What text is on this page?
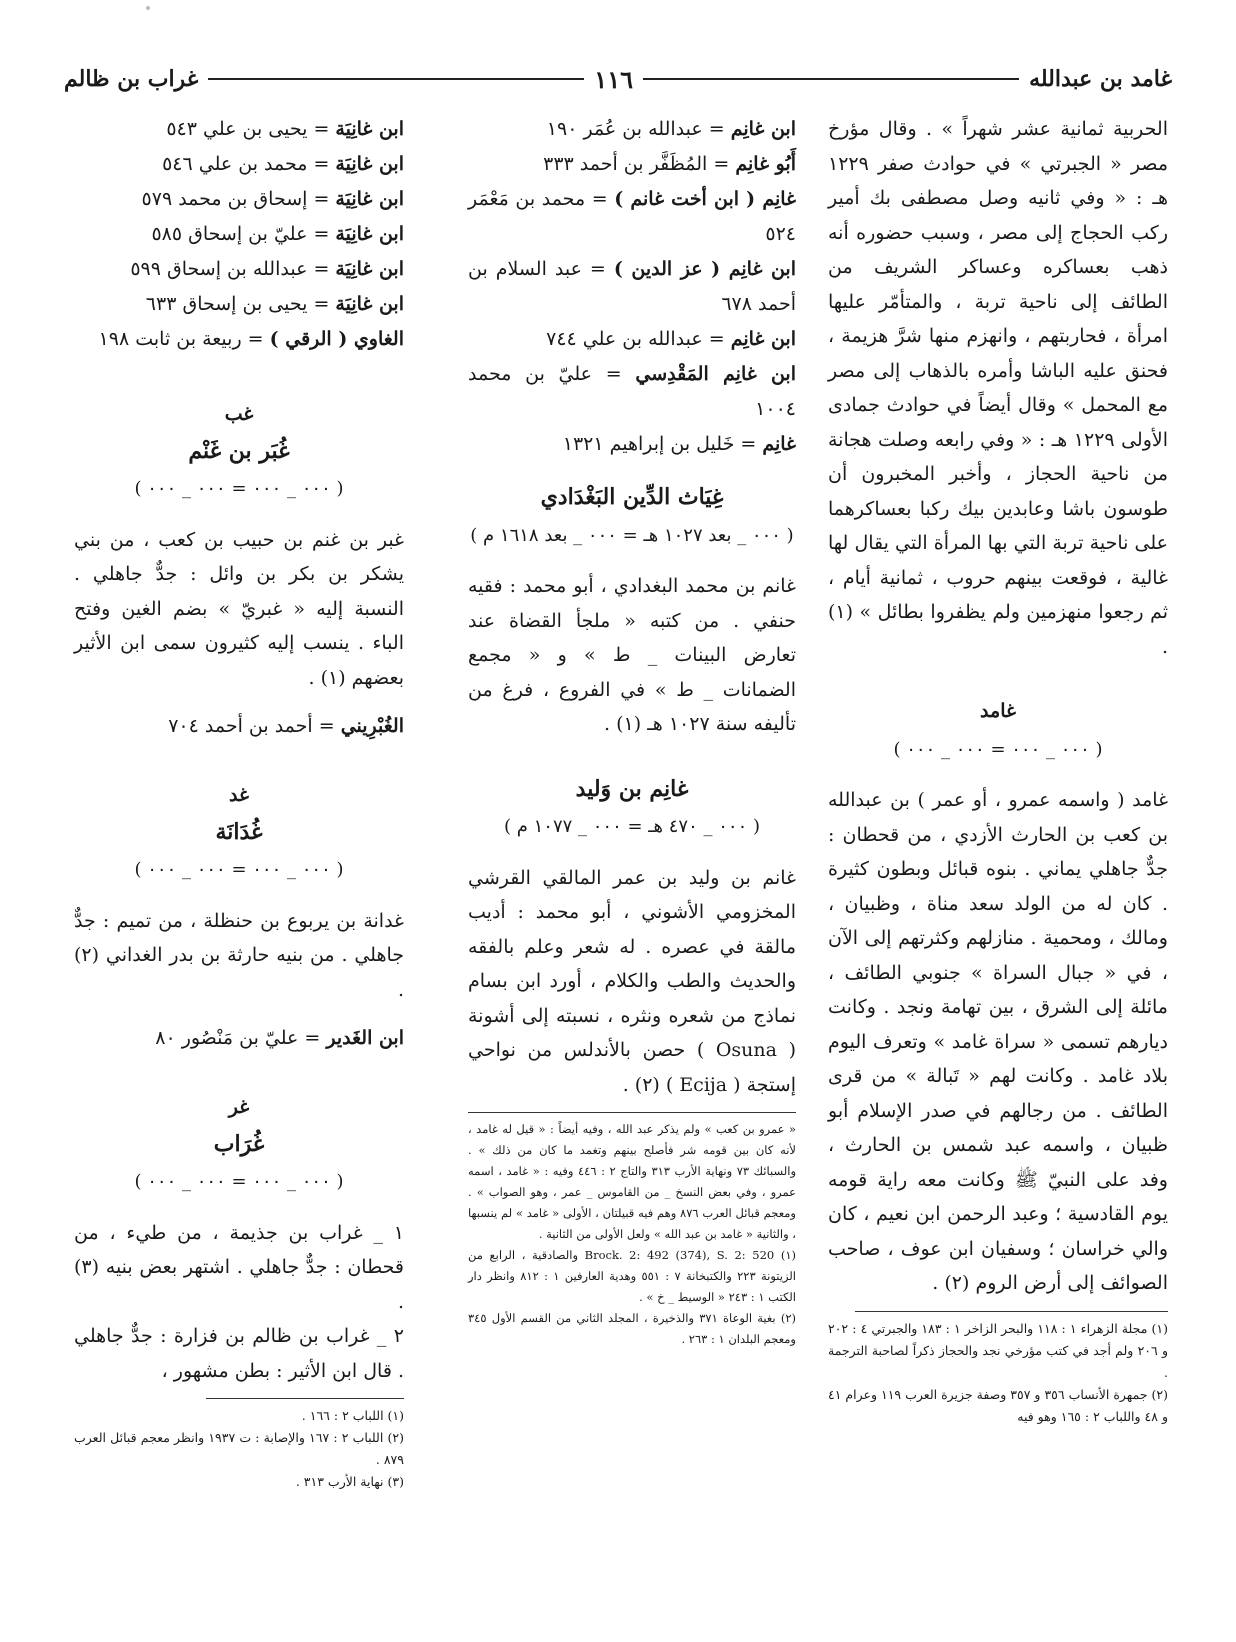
غامد بن عبدالله
١١٦
غراب بن ظالم

الحربية ثمانية عشر شهراً » . وقال مؤرخ مصر « الجبرتي » في حوادث صفر ١٢٢٩ هـ : « وفي ثانيه وصل مصطفى بك أمير ركب الحجاج إلى مصر ، وسبب حضوره أنه ذهب بعساكره وعساكر الشريف من الطائف إلى ناحية تربة ، والمتأمّر عليها امرأة ، فحاربتهم ، وانهزم منها شرَّ هزيمة ، فحنق عليه الباشا وأمره بالذهاب إلى مصر مع المحمل » وقال أيضاً في حوادث جمادى الأولى ١٢٢٩ هـ : « وفي رابعه وصلت هجانة من ناحية الحجاز ، وأخبر المخبرون أن طوسون باشا وعابدين بيك ركبا بعساكرهما على ناحية تربة التي بها المرأة التي يقال لها غالية ، فوقعت بينهم حروب ، ثمانية أيام ، ثم رجعوا منهزمين ولم يظفروا بطائل » (١) .

غامد
( ٠٠٠ _ ٠٠٠ = ٠٠٠ _ ٠٠٠ )

غامد ( واسمه عمرو ، أو عمر ) بن عبدالله بن كعب بن الحارث الأزدي ، من قحطان : جدٌّ جاهلي يماني . بنوه قبائل وبطون كثيرة . كان له من الولد سعد مناة ، وظبيان ، ومالك ، ومحمية . منازلهم وكثرتهم إلى الآن ، في « جبال السراة » جنوبي الطائف ، مائلة إلى الشرق ، بين تهامة ونجد . وكانت ديارهم تسمى « سراة غامد » وتعرف اليوم بلاد غامد . وكانت لهم « تَبالة » من قرى الطائف . من رجالهم في صدر الإسلام أبو ظبيان ، واسمه عبد شمس بن الحارث ، وفد على النبيّ ﷺ وكانت معه راية قومه يوم القادسية ؛ وعبد الرحمن ابن نعيم ، كان والي خراسان ؛ وسفيان ابن عوف ، صاحب الصوائف إلى أرض الروم (٢) .

(١) مجلة الزهراء ١ : ١١٨ والبحر الزاخر ١ : ١٨٣ والجبرتي ٤ : ٢٠٢ و ٢٠٦ ولم أجد في كتب مؤرخي نجد والحجاز ذكراً لصاحبة الترجمة .

(٢) جمهرة الأنساب ٣٥٦ و ٣٥٧ وصفة جزيرة العرب ١١٩ وعرام ٤١ و ٤٨ واللباب ٢ : ١٦٥ وهو فيه

ابن غانِم = عبدالله بن عُمَر ١٩٠

أَبُو غانِم = المُظَفَّر بن أحمد ٣٣٣

غانِم ( ابن أخت غانم ) = محمد بن مَعْمَر ٥٢٤

ابن غانِم ( عز الدين ) = عبد السلام بن أحمد ٦٧٨

ابن غانِم = عبدالله بن علي ٧٤٤

ابن غانِم المَقْدِسي = عليّ بن محمد ١٠٠٤

غانِم = خَليل بن إبراهيم ١٣٢١

غِيَاث الدِّين البَغْدَادي
( ٠٠٠ _ بعد ١٠٢٧ هـ = ٠٠٠ _ بعد ١٦١٨ م )

غانم بن محمد البغدادي ، أبو محمد : فقيه حنفي . من كتبه « ملجأ القضاة عند تعارض البينات _ ط » و « مجمع الضمانات _ ط » في الفروع ، فرغ من تأليفه سنة ١٠٢٧ هـ (١) .

غانِم بن وَليد
( ٠٠٠ _ ٤٧٠ هـ = ٠٠٠ _ ١٠٧٧ م )

غانم بن وليد بن عمر المالقي القرشي المخزومي الأشوني ، أبو محمد : أديب مالقة في عصره . له شعر وعلم بالفقه والحديث والطب والكلام ، أورد ابن بسام نماذج من شعره ونثره ، نسبته إلى أشونة ( Osuna ) حصن بالأندلس من نواحي إستجة ( Ecija ) (٢) .

« عمرو بن كعب » ولم يذكر عبد الله ، وفيه أيضاً : « قيل له غامد ، لأنه كان بين قومه شر فأصلح بينهم وتغمد ما كان من ذلك » . والسبائك ٧٣ ونهاية الأرب ٣١٣ والتاج ٢ : ٤٤٦ وفيه : « غامد ، اسمه عمرو ، وفي بعض النسخ _ من القاموس _ عمر ، وهو الصواب » . ومعجم قبائل العرب ٨٧٦ وهم فيه قبيلتان ، الأولى « غامد » لم ينسبها ، والثانية « غامد بن عبد الله » ولعل الأولى من الثانية .

(١) Brock. 2: 492 (374), S. 2: 520 والصادقية ، الرابع من الزيتونة ٢٢٣ والكتبخانة ٧ : ٥٥١ وهدية العارفين ١ : ٨١٢ وانظر دار الكتب ١ : ٢٤٣ « الوسيط _ خ » .

(٢) بغية الوعاة ٣٧١ والذخيرة ، المجلد الثاني من القسم الأول ٣٤٥ ومعجم البلدان ١ : ٢٦٣ .

ابن غانِيَة = يحيى بن علي ٥٤٣

ابن غانِيَة = محمد بن علي ٥٤٦

ابن غانِيَة = إسحاق بن محمد ٥٧٩

ابن غانِيَة = عليّ بن إسحاق ٥٨٥

ابن غانِيَة = عبدالله بن إسحاق ٥٩٩

ابن غانِيَة = يحيى بن إسحاق ٦٣٣

الغاوي ( الرقي ) = ربيعة بن ثابت ١٩٨

غب
غُبَر بن غَنْم
( ٠٠٠ _ ٠٠٠ = ٠٠٠ _ ٠٠٠ )

غبر بن غنم بن حبيب بن كعب ، من بني يشكر بن بكر بن وائل : جدٌّ جاهلي . النسبة إليه « غبريّ » بضم الغين وفتح الباء . ينسب إليه كثيرون سمى ابن الأثير بعضهم (١) .

الغُبْرِيني = أحمد بن أحمد ٧٠٤

غد
غُدَانَة
( ٠٠٠ _ ٠٠٠ = ٠٠٠ _ ٠٠٠ )

غدانة بن يربوع بن حنظلة ، من تميم : جدٌّ جاهلي . من بنيه حارثة بن بدر الغداني (٢) .

ابن الغَدير = عليّ بن مَنْصُور ٨٠

غر
غُرَاب
( ٠٠٠ _ ٠٠٠ = ٠٠٠ _ ٠٠٠ )

١ _ غراب بن جذيمة ، من طيء ، من قحطان : جدٌّ جاهلي . اشتهر بعض بنيه (٣) .

٢ _ غراب بن ظالم بن فزارة : جدٌّ جاهلي . قال ابن الأثير : بطن مشهور ،

(١) اللباب ٢ : ١٦٦ .

(٢) اللباب ٢ : ١٦٧ والإصابة : ت ١٩٣٧ وانظر معجم قبائل العرب ٨٧٩ .

(٣) نهاية الأرب ٣١٣ .
